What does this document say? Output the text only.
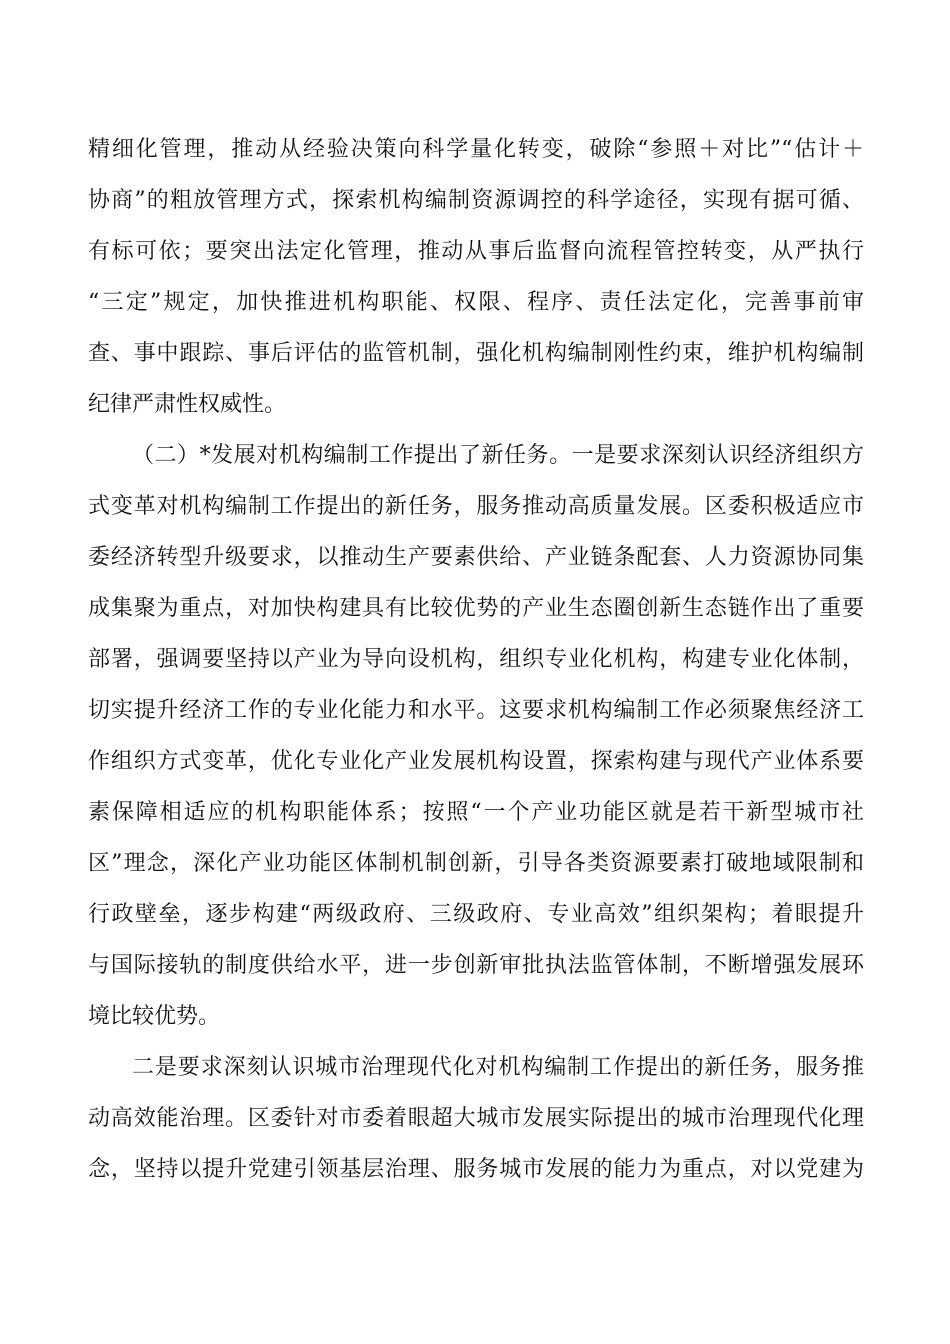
精细化管理，推动从经验决策向科学量化转变，破除“参照＋对比”“估计＋
协商”的粗放管理方式，探索机构编制资源调控的科学途径，实现有据可循、
有标可依；要突出法定化管理，推动从事后监督向流程管控转变，从严执行
“三定”规定，加快推进机构职能、权限、程序、责任法定化，完善事前审
查、事中跟踪、事后评估的监管机制，强化机构编制刚性约束，维护机构编制
纪律严肃性权威性。
（二）*发展对机构编制工作提出了新任务。一是要求深刻认识经济组织方
式变革对机构编制工作提出的新任务，服务推动高质量发展。区委积极适应市
委经济转型升级要求，以推动生产要素供给、产业链条配套、人力资源协同集
成集聚为重点，对加快构建具有比较优势的产业生态圈创新生态链作出了重要
部署，强调要坚持以产业为导向设机构，组织专业化机构，构建专业化体制，
切实提升经济工作的专业化能力和水平。这要求机构编制工作必须聚焦经济工
作组织方式变革，优化专业化产业发展机构设置，探索构建与现代产业体系要
素保障相适应的机构职能体系；按照“一个产业功能区就是若干新型城市社
区”理念，深化产业功能区体制机制创新，引导各类资源要素打破地域限制和
行政壁垒，逐步构建“两级政府、三级政府、专业高效”组织架构；着眼提升
与国际接轨的制度供给水平，进一步创新审批执法监管体制，不断增强发展环
境比较优势。
二是要求深刻认识城市治理现代化对机构编制工作提出的新任务，服务推
动高效能治理。区委针对市委着眼超大城市发展实际提出的城市治理现代化理
念，坚持以提升党建引领基层治理、服务城市发展的能力为重点，对以党建为
